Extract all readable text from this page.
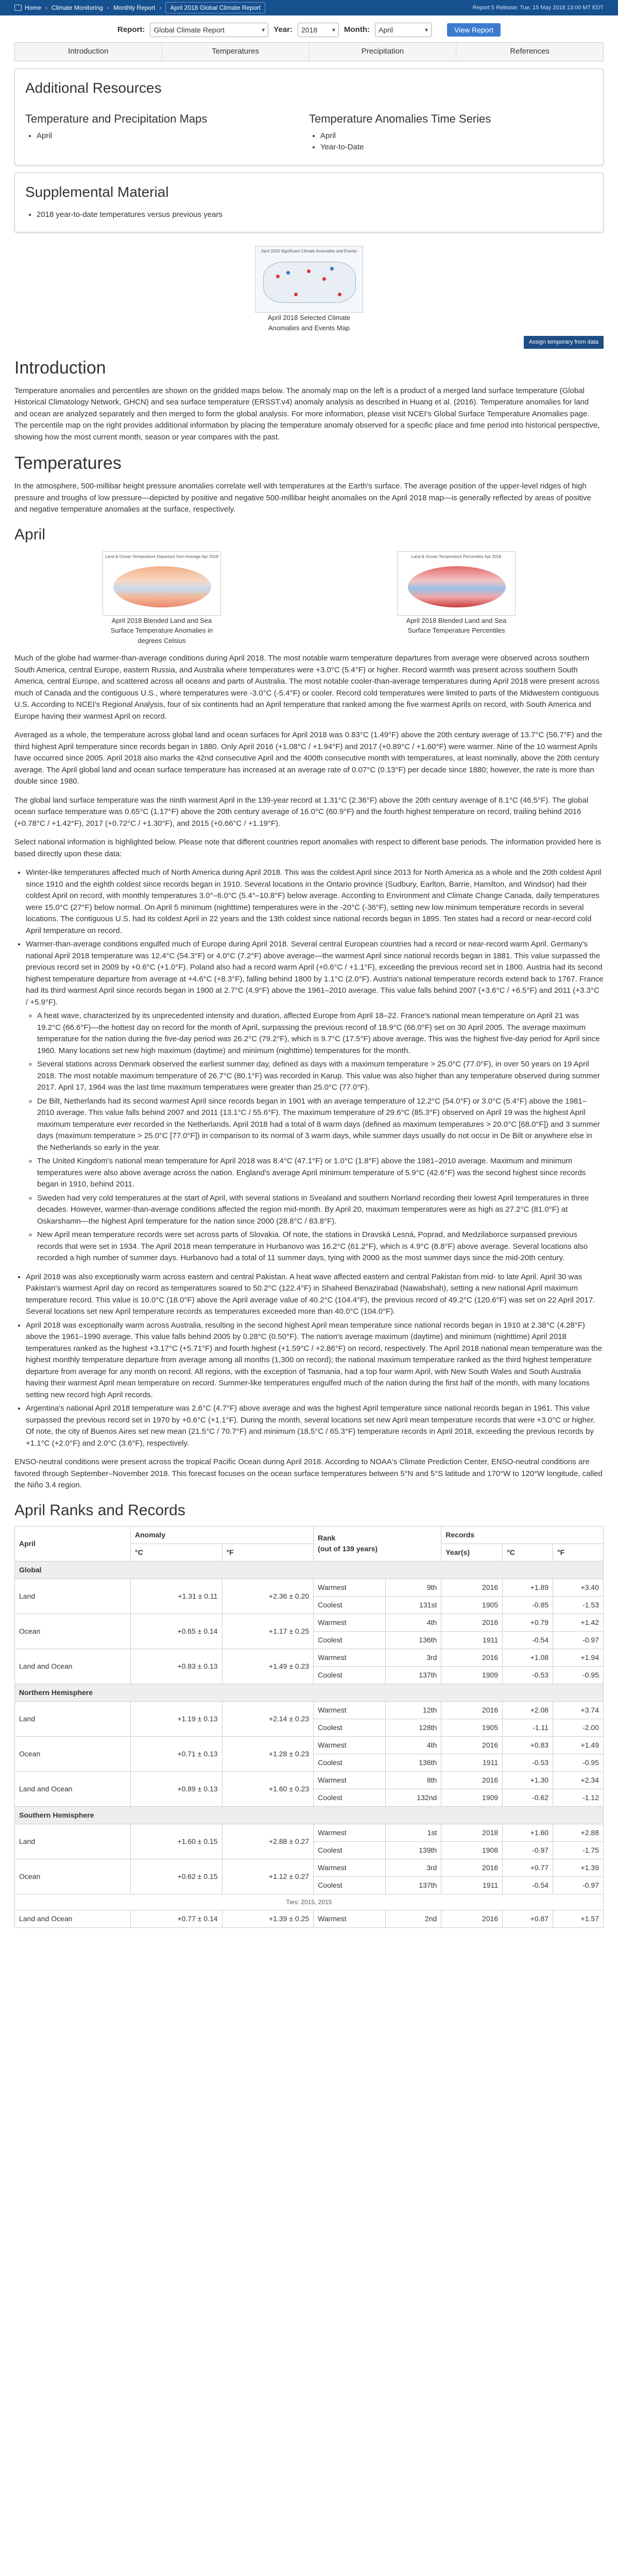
Home › Climate Monitoring › Monthly Report ›	April 2018 Global Climate Report	Report 5 Release: Tue, 15 May 2018 13:00 MT EDT
Report: Global Climate Report
▾	Year: 2018
▾	Month: April
▾	View Report
Introduction	Temperatures	Precipitation	References
Additional Resources
Temperature and Precipitation Maps
• April
Temperature Anomalies Time Series
• April
• Year-to-Date
Supplemental Material
• 2018 year-to-date temperatures versus previous years
April 2018 Significant Climate Anomalies and Events
April 2018 Selected Climate Anomalies and Events Map
Assign temporary from data
Introduction

Temperature anomalies and percentiles are shown on the gridded maps below. The anomaly map on the left is a product of a merged land surface temperature (Global Historical Climatology Network, GHCN) and sea surface temperature (ERSST.v4) anomaly analysis as described in Huang et al. (2016). Temperature anomalies for land and ocean are analyzed separately and then merged to form the global analysis. For more information, please visit NCEI's Global Surface Temperature Anomalies page. The percentile map on the right provides additional information by placing the temperature anomaly observed for a specific place and time period into historical perspective, showing how the most current month, season or year compares with the past.

Temperatures

In the atmosphere, 500-millibar height pressure anomalies correlate well with temperatures at the Earth's surface. The average position of the upper-level ridges of high pressure and troughs of low pressure—depicted by positive and negative 500-millibar height anomalies on the April 2018 map—is generally reflected by areas of positive and negative temperature anomalies at the surface, respectively.

April
Land & Ocean Temperature Departure from Average Apr 2018
April 2018 Blended Land and Sea Surface Temperature Anomalies in degrees Celsius
Land & Ocean Temperature Percentiles Apr 2018
April 2018 Blended Land and Sea Surface Temperature Percentiles

Much of the globe had warmer-than-average conditions during April 2018. The most notable warm temperature departures from average were observed across southern South America, central Europe, eastern Russia, and Australia where temperatures were +3.0°C (5.4°F) or higher. Record warmth was present across southern South America, central Europe, and scattered across all oceans and parts of Australia. The most notable cooler-than-average temperatures during April 2018 were present across much of Canada and the contiguous U.S., where temperatures were -3.0°C (-5.4°F) or cooler. Record cold temperatures were limited to parts of the Midwestern contiguous U.S. According to NCEI's Regional Analysis, four of six continents had an April temperature that ranked among the five warmest Aprils on record, with South America and Europe having their warmest April on record.

Averaged as a whole, the temperature across global land and ocean surfaces for April 2018 was 0.83°C (1.49°F) above the 20th century average of 13.7°C (56.7°F) and the third highest April temperature since records began in 1880. Only April 2016 (+1.08°C / +1.94°F) and 2017 (+0.89°C / +1.60°F) were warmer. Nine of the 10 warmest Aprils have occurred since 2005. April 2018 also marks the 42nd consecutive April and the 400th consecutive month with temperatures, at least nominally, above the 20th century average. The April global land and ocean surface temperature has increased at an average rate of 0.07°C (0.13°F) per decade since 1880; however, the rate is more than double since 1980.

The global land surface temperature was the ninth warmest April in the 139-year record at 1.31°C (2.36°F) above the 20th century average of 8.1°C (46.5°F). The global ocean surface temperature was 0.65°C (1.17°F) above the 20th century average of 16.0°C (60.9°F) and the fourth highest temperature on record, trailing behind 2016 (+0.78°C / +1.42°F), 2017 (+0.72°C / +1.30°F), and 2015 (+0.66°C / +1.19°F).

Select national information is highlighted below. Please note that different countries report anomalies with respect to different base periods. The information provided here is based directly upon these data:

• Winter-like temperatures affected much of North America during April 2018. This was the coldest April since 2013 for North America as a whole and the 20th coldest April since 1910 and the eighth coldest since records began in 1910. Several locations in the Ontario province (Sudbury, Earlton, Barrie, Hamilton, and Windsor) had their coldest April on record, with monthly temperatures 3.0°–6.0°C (5.4°–10.8°F) below average. According to Environment and Climate Change Canada, daily temperatures were 15.0°C (27°F) below normal. On April 5 minimum (nighttime) temperatures were in the -20°C (-36°F), setting new low minimum temperature records in several locations. The contiguous U.S. had its coldest April in 22 years and the 13th coldest since national records began in 1895. Ten states had a record or near-record cold April temperature on record.
• Warmer-than-average conditions engulfed much of Europe during April 2018. Several central European countries had a record or near-record warm April. Germany's national April 2018 temperature was 12.4°C (54.3°F) or 4.0°C (7.2°F) above average—the warmest April since national records began in 1881. This value surpassed the previous record set in 2009 by +0.6°C (+1.0°F). Poland also had a record warm April (+0.6°C / +1.1°F), exceeding the previous record set in 1800. Austria had its second highest temperature departure from average at +4.6°C (+8.3°F), falling behind 1800 by 1.1°C (2.0°F). Austria's national temperature records extend back to 1767. France had its third warmest April since records began in 1900 at 2.7°C (4.9°F) above the 1961–2010 average. This value falls behind 2007 (+3.6°C / +6.5°F) and 2011 (+3.3°C / +5.9°F).
◦ A heat wave, characterized by its unprecedented intensity and duration, affected Europe from April 18–22. France's national mean temperature on April 21 was 19.2°C (66.6°F)—the hottest day on record for the month of April, surpassing the previous record of 18.9°C (66.0°F) set on 30 April 2005. The average maximum temperature for the nation during the five-day period was 26.2°C (79.2°F), which is 9.7°C (17.5°F) above average. This was the highest five-day period for April since 1960. Many locations set new high maximum (daytime) and minimum (nighttime) temperatures for the month.
◦ Several stations across Denmark observed the earliest summer day, defined as days with a maximum temperature > 25.0°C (77.0°F), in over 50 years on 19 April 2018. The most notable maximum temperature of 26.7°C (80.1°F) was recorded in Karup. This value was also higher than any temperature observed during summer 2017. April 17, 1964 was the last time maximum temperatures were greater than 25.0°C (77.0°F).
◦ De Bilt, Netherlands had its second warmest April since records began in 1901 with an average temperature of 12.2°C (54.0°F) or 3.0°C (5.4°F) above the 1981–2010 average. This value falls behind 2007 and 2011 (13.1°C / 55.6°F). The maximum temperature of 29.6°C (85.3°F) observed on April 19 was the highest April maximum temperature ever recorded in the Netherlands. April 2018 had a total of 8 warm days (defined as maximum temperatures > 20.0°C [68.0°F]) and 3 summer days (maximum temperature > 25.0°C [77.0°F]) in comparison to its normal of 3 warm days, while summer days usually do not occur in De Bilt or anywhere else in the Netherlands so early in the year.
◦ The United Kingdom's national mean temperature for April 2018 was 8.4°C (47.1°F) or 1.0°C (1.8°F) above the 1981–2010 average. Maximum and minimum temperatures were also above average across the nation. England's average April minimum temperature of 5.9°C (42.6°F) was the second highest since records began in 1910, behind 2011.
◦ Sweden had very cold temperatures at the start of April, with several stations in Svealand and southern Norrland recording their lowest April temperatures in three decades. However, warmer-than-average conditions affected the region mid-month. By April 20, maximum temperatures were as high as 27.2°C (81.0°F) at Oskarshamn—the highest April temperature for the nation since 2000 (28.8°C / 83.8°F).
◦ New April mean temperature records were set across parts of Slovakia. Of note, the stations in Dravská Lesná, Poprad, and Medzilaborce surpassed previous records that were set in 1934. The April 2018 mean temperature in Hurbanovo was 16.2°C (61.2°F), which is 4.9°C (8.8°F) above average. Several locations also recorded a high number of summer days. Hurbanovo had a total of 11 summer days, tying with 2000 as the most summer days since the mid-20th century.
• April 2018 was also exceptionally warm across eastern and central Pakistan. A heat wave affected eastern and central Pakistan from mid- to late April. April 30 was Pakistan's warmest April day on record as temperatures soared to 50.2°C (122.4°F) in Shaheed Benazirabad (Nawabshah), setting a new national April maximum temperature record. This value is 10.0°C (18.0°F) above the April average value of 40.2°C (104.4°F), the previous record of 49.2°C (120.6°F) was set on 22 April 2017. Several locations set new April temperature records as temperatures exceeded more than 40.0°C (104.0°F).
• April 2018 was exceptionally warm across Australia, resulting in the second highest April mean temperature since national records began in 1910 at 2.38°C (4.28°F) above the 1961–1990 average. This value falls behind 2005 by 0.28°C (0.50°F). The nation's average maximum (daytime) and minimum (nighttime) April 2018 temperatures ranked as the highest +3.17°C (+5.71°F) and fourth highest (+1.59°C / +2.86°F) on record, respectively. The April 2018 national mean temperature was the highest monthly temperature departure from average among all months (1,300 on record); the national maximum temperature ranked as the third highest temperature departure from average for any month on record. All regions, with the exception of Tasmania, had a top four warm April, with New South Wales and South Australia having their warmest April mean temperature on record. Summer-like temperatures engulfed much of the nation during the first half of the month, with many locations setting new record high April records.
• Argentina's national April 2018 temperature was 2.6°C (4.7°F) above average and was the highest April temperature since national records began in 1961. This value surpassed the previous record set in 1970 by +0.6°C (+1.1°F). During the month, several locations set new April mean temperature records that were +3.0°C or higher. Of note, the city of Buenos Aires set new mean (21.5°C / 70.7°F) and minimum (18.5°C / 65.3°F) temperature records in April 2018, exceeding the previous records by +1.1°C (+2.0°F) and 2.0°C (3.6°F), respectively.

ENSO-neutral conditions were present across the tropical Pacific Ocean during April 2018. According to NOAA's Climate Prediction Center, ENSO-neutral conditions are favored through September–November 2018. This forecast focuses on the ocean surface temperatures between 5°N and 5°S latitude and 170°W to 120°W longitude, called the Niño 3.4 region.

April Ranks and Records
April	Anomaly		Rank
(out of 139 years)		Records		
	°C	°F			Year(s)	°C	°F
Global							
Land	+1.31 ± 0.11	+2.36 ± 0.20	Warmest	9th	2016	+1.89	+3.40
			Coolest	131st	1905	-0.85	-1.53
Ocean	+0.65 ± 0.14	+1.17 ± 0.25	Warmest	4th	2016	+0.79	+1.42
			Coolest	136th	1911	-0.54	-0.97
Land and Ocean	+0.83 ± 0.13	+1.49 ± 0.23	Warmest	3rd	2016	+1.08	+1.94
			Coolest	137th	1909	-0.53	-0.95
Northern Hemisphere							
Land	+1.19 ± 0.13	+2.14 ± 0.23	Warmest	12th	2016	+2.08	+3.74
			Coolest	128th	1905	-1.11	-2.00
Ocean	+0.71 ± 0.13	+1.28 ± 0.23	Warmest	4th	2016	+0.83	+1.49
			Coolest	136th	1911	-0.53	-0.95
Land and Ocean	+0.89 ± 0.13	+1.60 ± 0.23	Warmest	8th	2016	+1.30	+2.34
			Coolest	132nd	1909	-0.62	-1.12
Southern Hemisphere							
Land	+1.60 ± 0.15	+2.88 ± 0.27	Warmest	1st	2018	+1.60	+2.88
			Coolest	139th	1908	-0.97	-1.75
Ocean	+0.62 ± 0.15	+1.12 ± 0.27	Warmest	3rd	2016	+0.77	+1.39
			Coolest	137th	1911	-0.54	-0.97
Ties: 2015, 2015							
Land and Ocean	+0.77 ± 0.14	+1.39 ± 0.25	Warmest	2nd	2016	+0.87	+1.57
